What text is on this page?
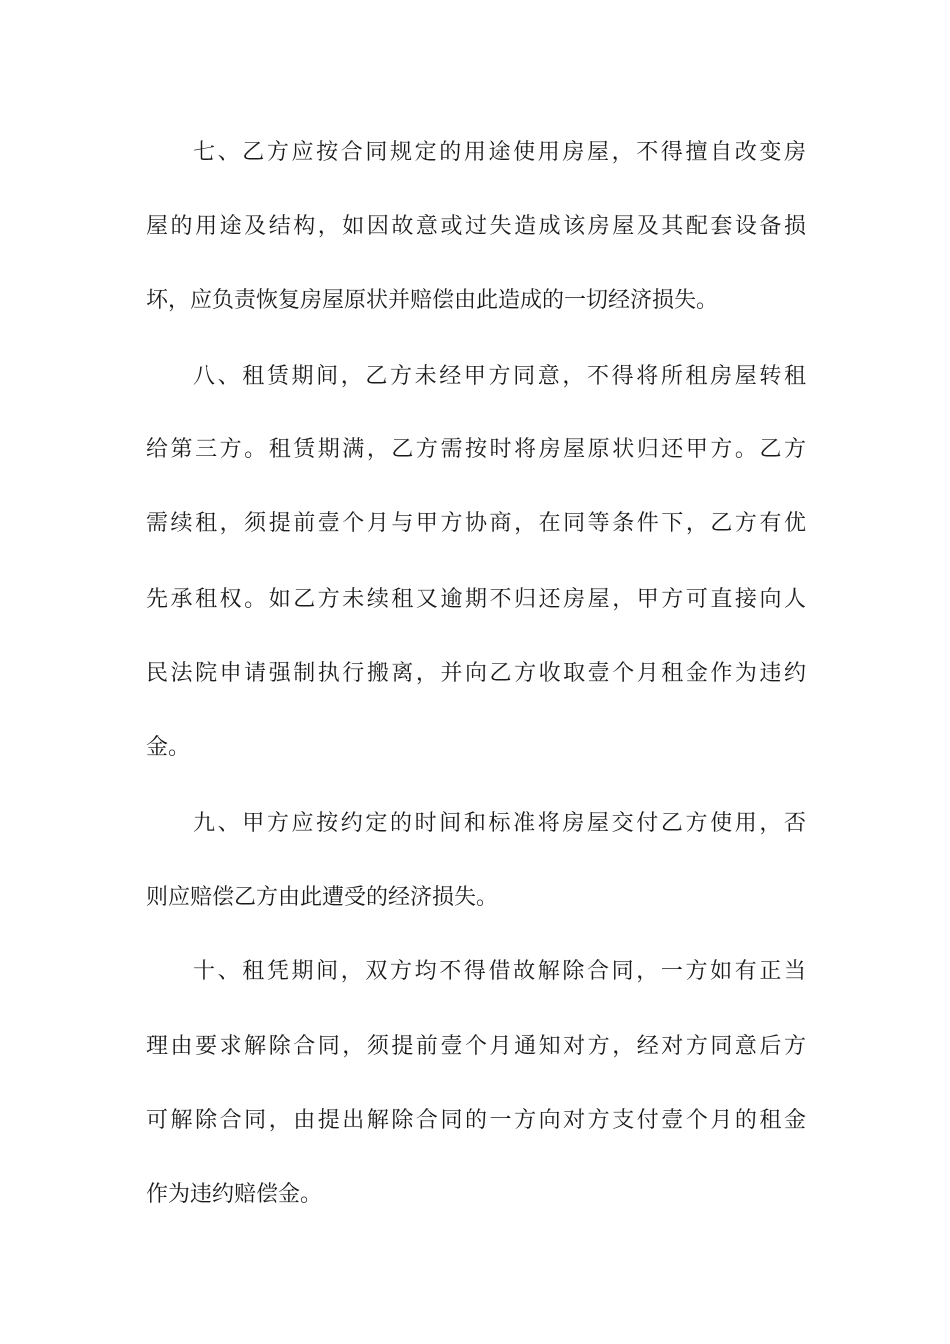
七、乙方应按合同规定的用途使用房屋，不得擅自改变房
屋的用途及结构，如因故意或过失造成该房屋及其配套设备损
坏，应负责恢复房屋原状并赔偿由此造成的一切经济损失。
八、租赁期间，乙方未经甲方同意，不得将所租房屋转租
给第三方。租赁期满，乙方需按时将房屋原状归还甲方。乙方
需续租，须提前壹个月与甲方协商，在同等条件下，乙方有优
先承租权。如乙方未续租又逾期不归还房屋，甲方可直接向人
民法院申请强制执行搬离，并向乙方收取壹个月租金作为违约
金。
九、甲方应按约定的时间和标准将房屋交付乙方使用，否
则应赔偿乙方由此遭受的经济损失。
十、租凭期间，双方均不得借故解除合同，一方如有正当
理由要求解除合同，须提前壹个月通知对方，经对方同意后方
可解除合同，由提出解除合同的一方向对方支付壹个月的租金
作为违约赔偿金。
